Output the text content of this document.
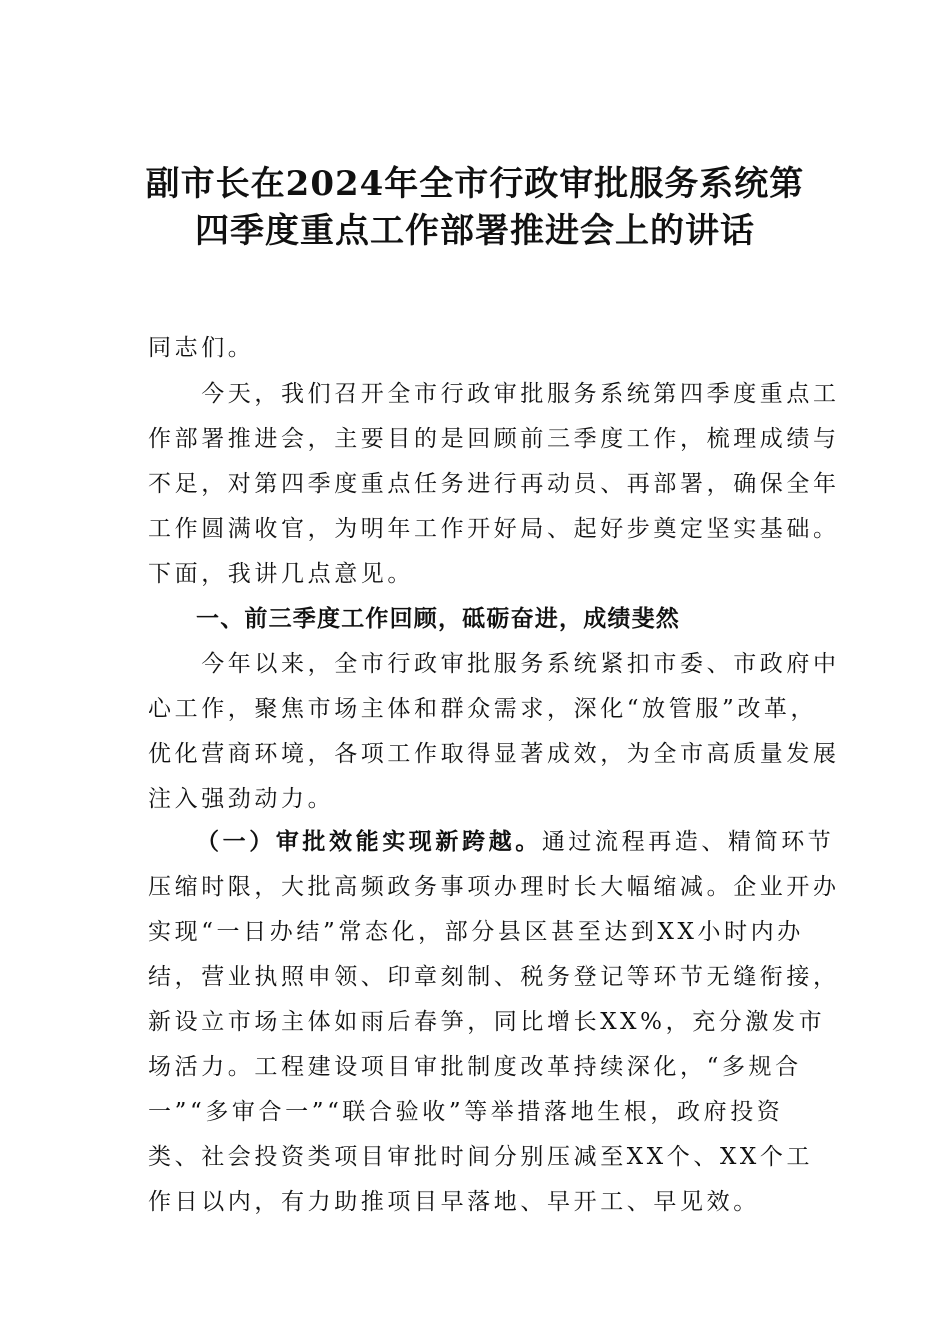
副市长在2024年全市行政审批服务系统第
四季度重点工作部署推进会上的讲话
同志们。
　　今天，我们召开全市行政审批服务系统第四季度重点工
作部署推进会，主要目的是回顾前三季度工作，梳理成绩与
不足，对第四季度重点任务进行再动员、再部署，确保全年
工作圆满收官，为明年工作开好局、起好步奠定坚实基础。
下面，我讲几点意见。
一、前三季度工作回顾，砥砺奋进，成绩斐然
　　今年以来，全市行政审批服务系统紧扣市委、市政府中
心工作，聚焦市场主体和群众需求，深化“放管服”改革，
优化营商环境，各项工作取得显著成效，为全市高质量发展
注入强劲动力。
（一）审批效能实现新跨越。通过流程再造、精简环节
压缩时限，大批高频政务事项办理时长大幅缩减。企业开办
实现“一日办结”常态化，部分县区甚至达到XX小时内办
结，营业执照申领、印章刻制、税务登记等环节无缝衔接，
新设立市场主体如雨后春笋，同比增长XX%，充分激发市
场活力。工程建设项目审批制度改革持续深化，“多规合
一”“多审合一”“联合验收”等举措落地生根，政府投资
类、社会投资类项目审批时间分别压减至XX个、XX个工
作日以内，有力助推项目早落地、早开工、早见效。
